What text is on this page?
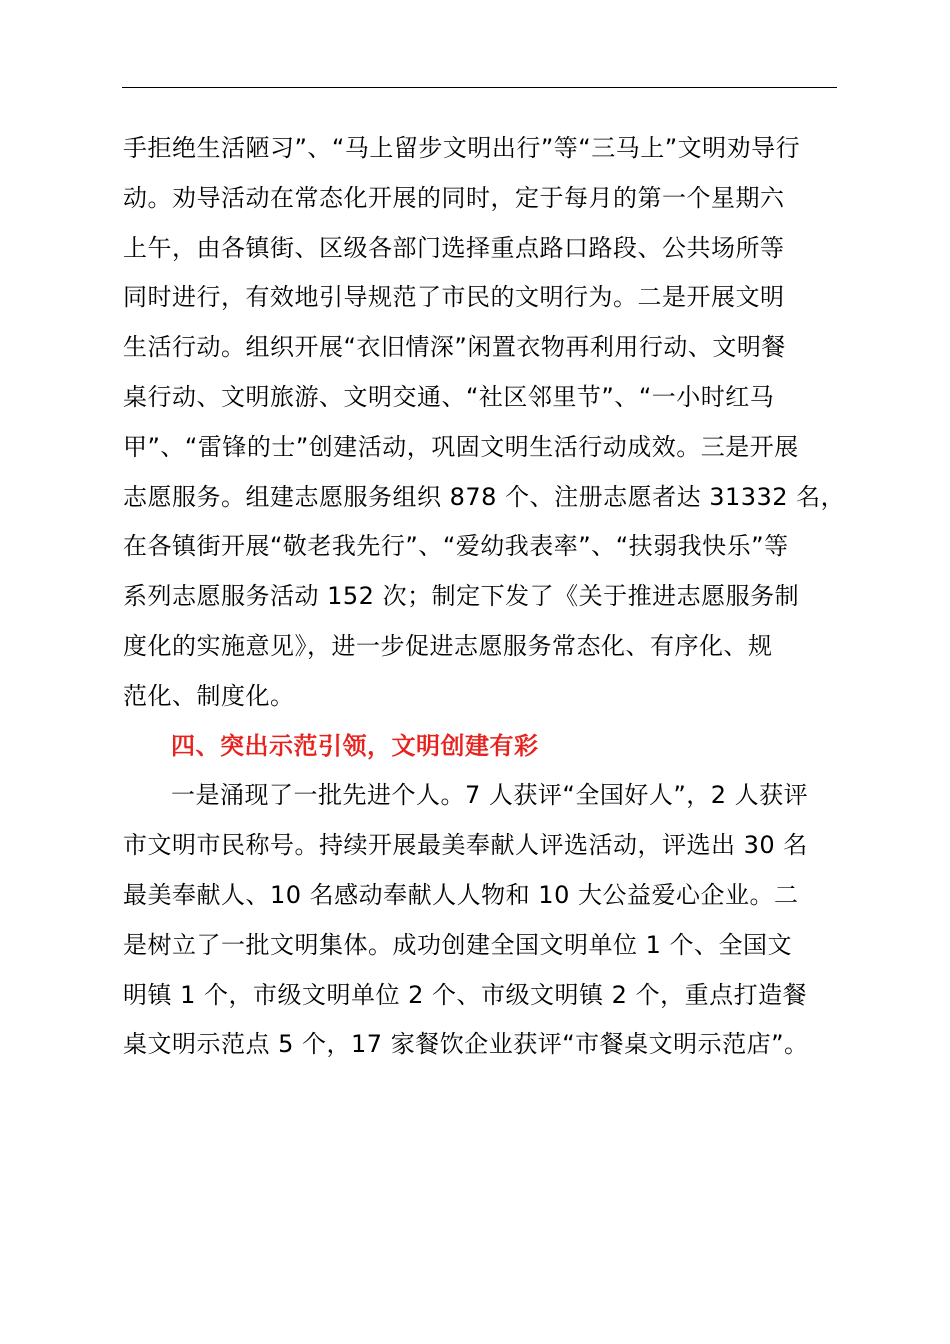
手拒绝生活陋习”、“马上留步文明出行”等“三马上”文明劝导行
动。劝导活动在常态化开展的同时，定于每月的第一个星期六
上午，由各镇街、区级各部门选择重点路口路段、公共场所等
同时进行，有效地引导规范了市民的文明行为。二是开展文明
生活行动。组织开展“衣旧情深”闲置衣物再利用行动、文明餐
桌行动、文明旅游、文明交通、“社区邻里节”、“一小时红马
甲”、“雷锋的士”创建活动，巩固文明生活行动成效。三是开展
志愿服务。组建志愿服务组织 878 个、注册志愿者达 31332 名，
在各镇街开展“敬老我先行”、“爱幼我表率”、“扶弱我快乐”等
系列志愿服务活动 152 次；制定下发了《关于推进志愿服务制
度化的实施意见》，进一步促进志愿服务常态化、有序化、规
范化、制度化。

四、突出示范引领，文明创建有彩

一是涌现了一批先进个人。7 人获评“全国好人”，2 人获评
市文明市民称号。持续开展最美奉献人评选活动，评选出 30 名
最美奉献人、10 名感动奉献人人物和 10 大公益爱心企业。二
是树立了一批文明集体。成功创建全国文明单位 1 个、全国文
明镇 1 个，市级文明单位 2 个、市级文明镇 2 个，重点打造餐
桌文明示范点 5 个，17 家餐饮企业获评“市餐桌文明示范店”。
